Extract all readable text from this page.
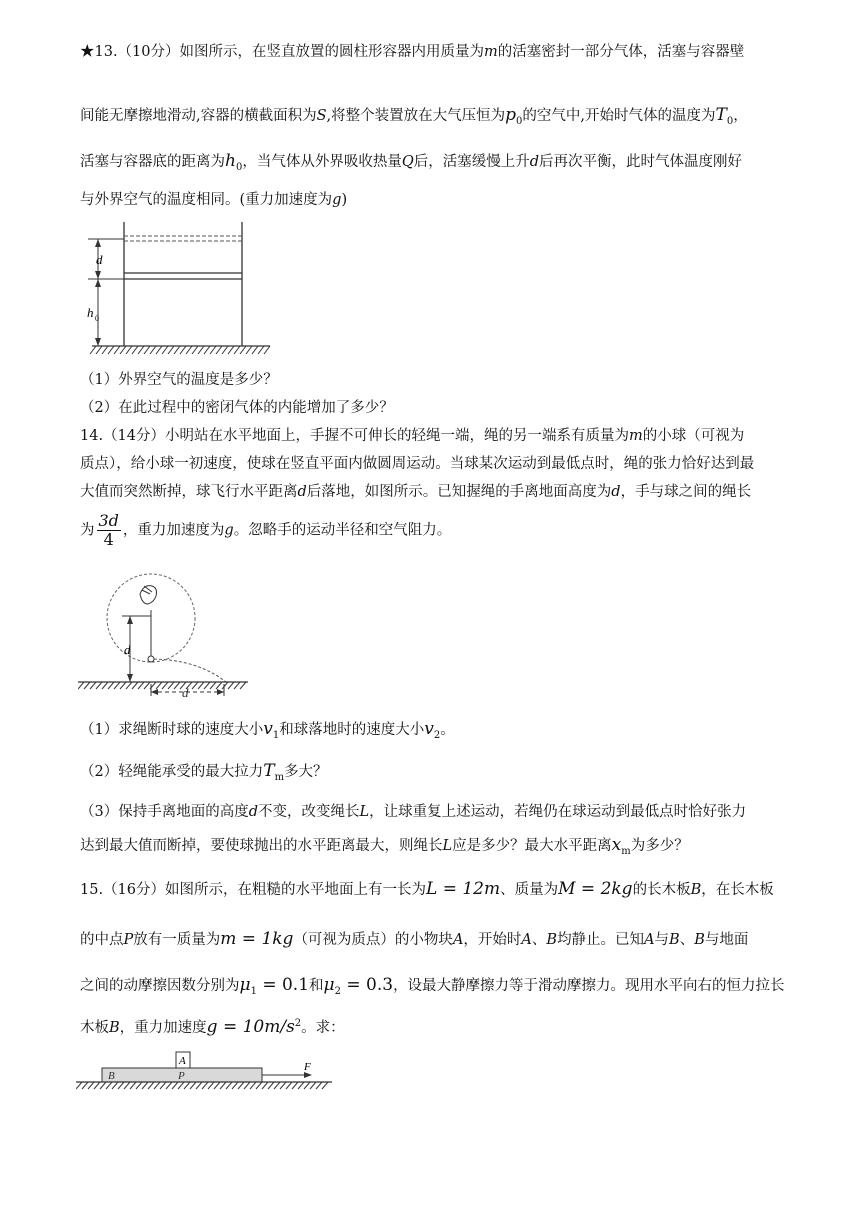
★13.（10分）如图所示，在竖直放置的圆柱形容器内用质量为m的活塞密封一部分气体，活塞与容器壁
间能无摩擦地滑动,容器的横截面积为S,将整个装置放在大气压恒为$p_0$的空气中,开始时气体的温度为$T_0$，
活塞与容器底的距离为$h_0$，当气体从外界吸收热量Q后，活塞缓慢上升d后再次平衡，此时气体温度刚好
与外界空气的温度相同。(重力加速度为g)
d
h 0
（1）外界空气的温度是多少？
（2）在此过程中的密闭气体的内能增加了多少？
14.（14分）小明站在水平地面上，手握不可伸长的轻绳一端，绳的另一端系有质量为m的小球（可视为
质点），给小球一初速度，使球在竖直平面内做圆周运动。当球某次运动到最低点时，绳的张力恰好达到最
大值而突然断掉，球飞行水平距离d后落地，如图所示。已知握绳的手离地面高度为d，手与球之间的绳长
为 $\frac{3d}{4}$ ，重力加速度为g。忽略手的运动半径和空气阻力。
d
d
（1）求绳断时球的速度大小$v_1$和球落地时的速度大小$v_2$。
（2）轻绳能承受的最大拉力$T_m$多大？
（3）保持手离地面的高度d不变，改变绳长L，让球重复上述运动，若绳仍在球运动到最低点时恰好张力
达到最大值而断掉，要使球抛出的水平距离最大，则绳长L应是多少？最大水平距离$x_m$为多少？
15.（16分）如图所示，在粗糙的水平地面上有一长为L = 12m、质量为M = 2kg的长木板B，在长木板
的中点P放有一质量为m = 1kg（可视为质点）的小物块A，开始时A、B均静止。已知A与B、B与地面
之间的动摩擦因数分别为$\mu_1 = 0.1$和$\mu_2 = 0.3$，设最大静摩擦力等于滑动摩擦力。现用水平向右的恒力拉长
木板B，重力加速度$g = 10m/s^2$。求：
A
B	P
F
